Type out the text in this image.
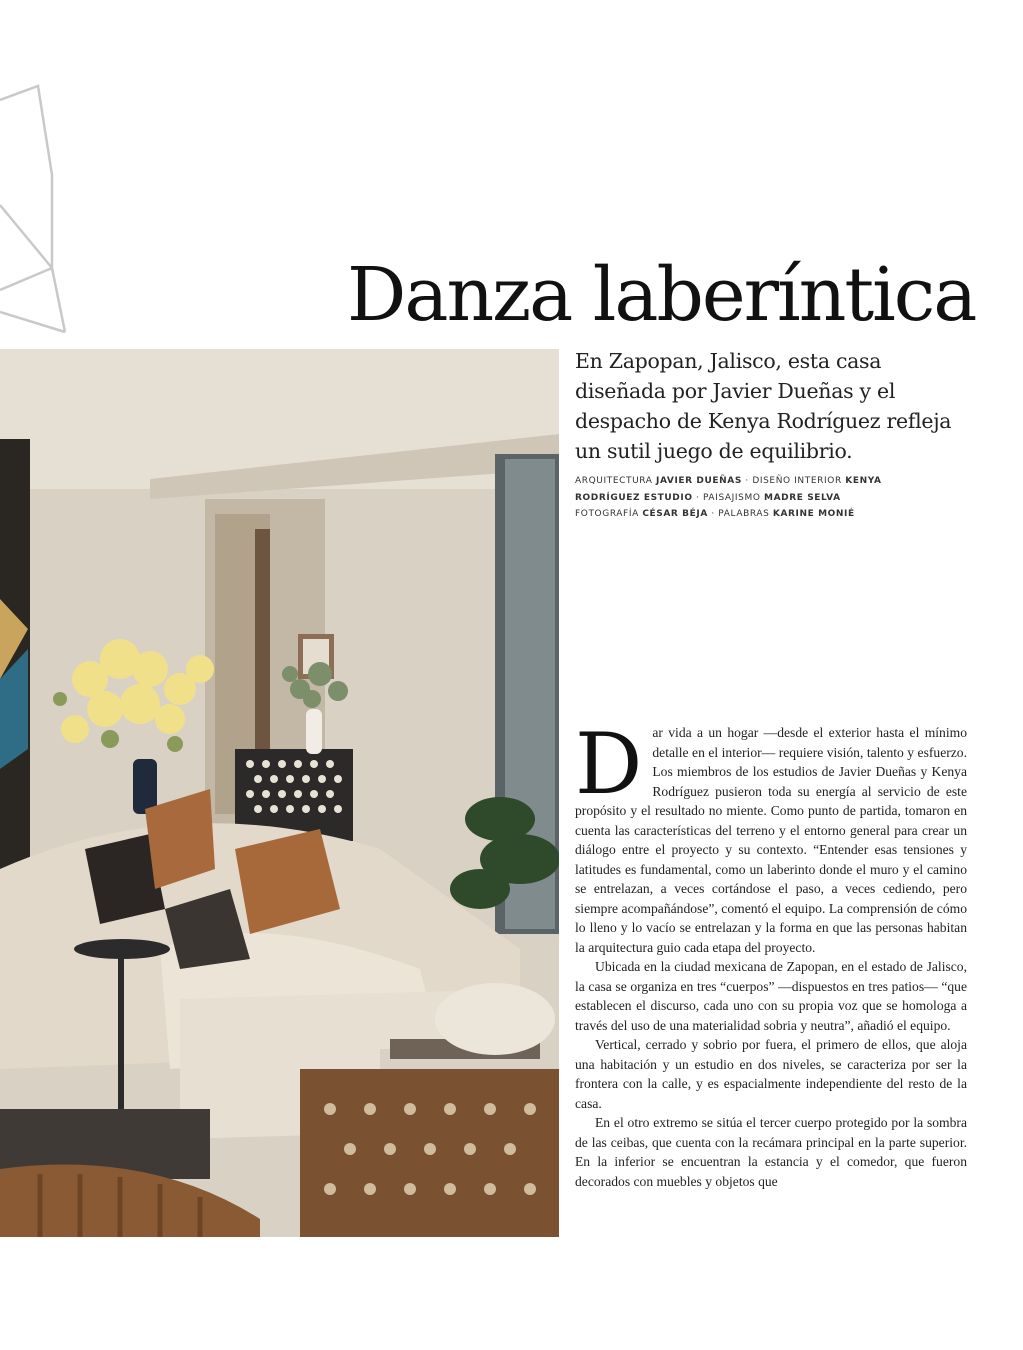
Danza laberíntica

En Zapopan, Jalisco, esta casa diseñada por Javier Dueñas y el despacho de Kenya Rodríguez refleja un sutil juego de equilibrio.

ARQUITECTURA JAVIER DUEÑAS · DISEÑO INTERIOR KENYA RODRÍGUEZ ESTUDIO · PAISAJISMO MADRE SELVA
FOTOGRAFÍA CÉSAR BÉJA · PALABRAS KARINE MONIÉ

Dar vida a un hogar —desde el exterior hasta el mínimo detalle en el interior— requiere visión, talento y esfuerzo. Los miembros de los estudios de Javier Dueñas y Kenya Rodríguez pusieron toda su energía al servicio de este propósito y el resultado no miente. Como punto de partida, tomaron en cuenta las características del terreno y el entorno general para crear un diálogo entre el proyecto y su contexto. “Entender esas tensiones y latitudes es fundamental, como un laberinto donde el muro y el camino se entrelazan, a veces cortándose el paso, a veces cediendo, pero siempre acompañándose”, comentó el equipo. La comprensión de cómo lo lleno y lo vacío se entrelazan y la forma en que las personas habitan la arquitectura guio cada etapa del proyecto.

Ubicada en la ciudad mexicana de Zapopan, en el estado de Jalisco, la casa se organiza en tres “cuerpos” —dispuestos en tres patios— “que establecen el discurso, cada uno con su propia voz que se homologa a través del uso de una materialidad sobria y neutra”, añadió el equipo.

Vertical, cerrado y sobrio por fuera, el primero de ellos, que aloja una habitación y un estudio en dos niveles, se caracteriza por ser la frontera con la calle, y es espacialmente independiente del resto de la casa.

En el otro extremo se sitúa el tercer cuerpo protegido por la sombra de las ceibas, que cuenta con la recámara principal en la parte superior. En la inferior se encuentran la estancia y el comedor, que fueron decorados con muebles y objetos que
